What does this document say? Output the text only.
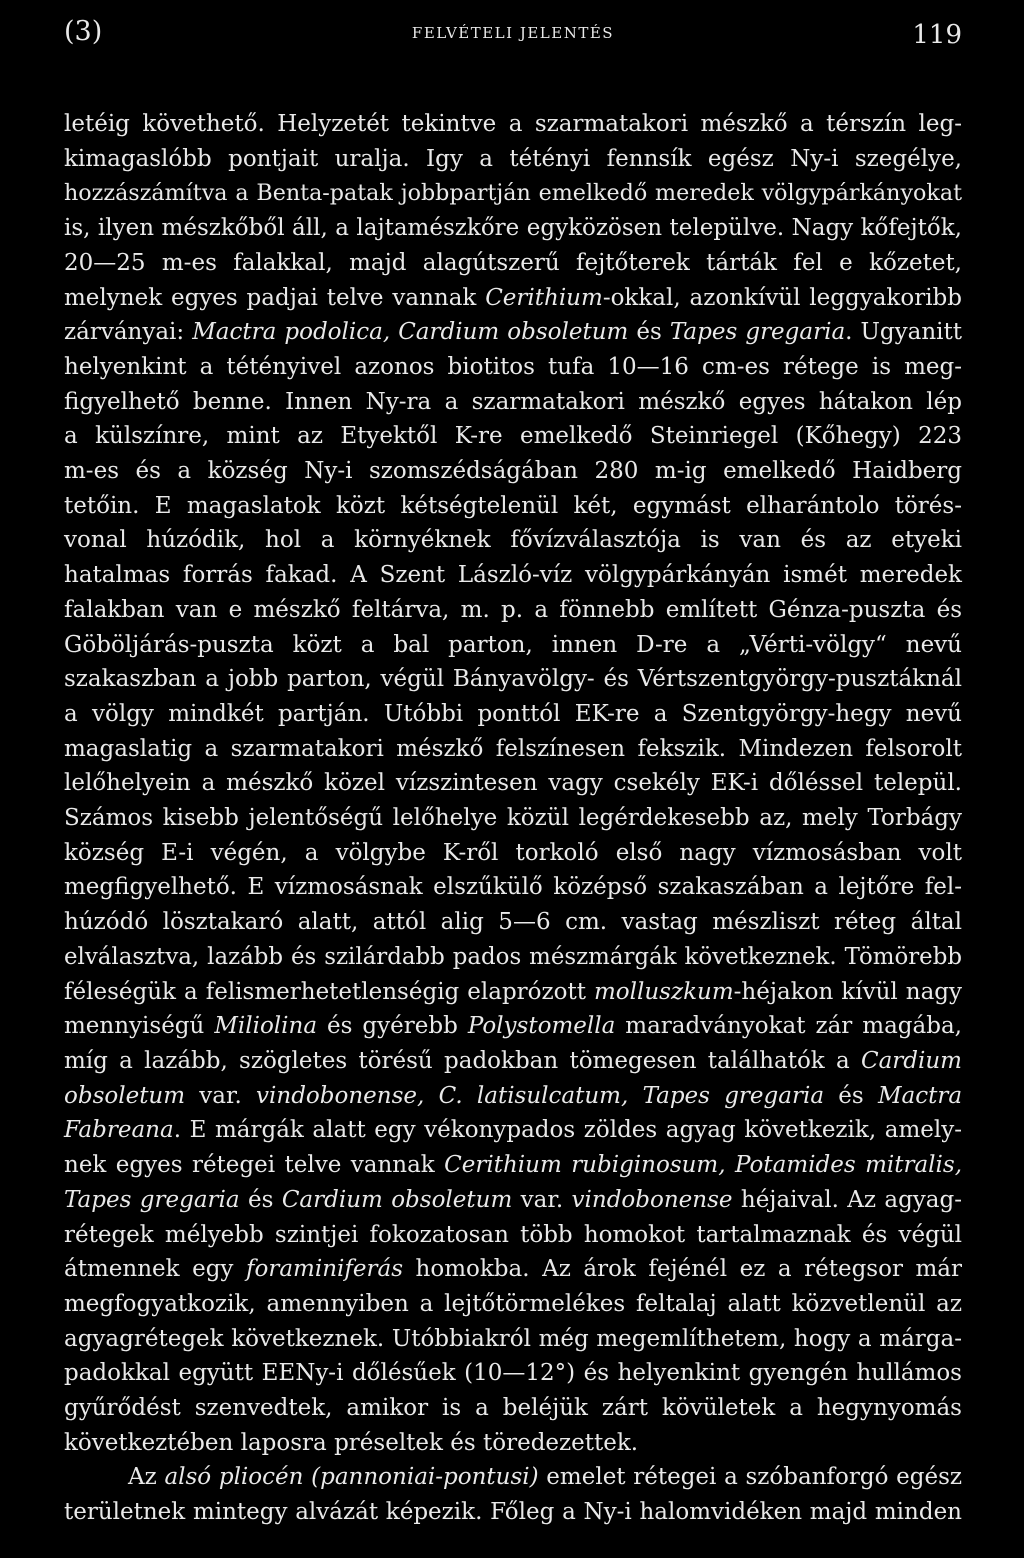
(3)	FELVÉTELI JELENTÉS	119
letéig követhető. Helyzetét tekintve a szarmatakori mészkő a térszín leg-
kimagaslóbb pontjait uralja. Igy a tétényi fennsík egész Ny-i szegélye,
hozzászámítva a Benta-patak jobbpartján emelkedő meredek völgypárkányokat
is, ilyen mészkőből áll, a lajtamészkőre egyközösen települve. Nagy kőfejtők,
20—25 m-es falakkal, majd alagútszerű fejtőterek tárták fel e kőzetet,
melynek egyes padjai telve vannak Cerithium-okkal, azonkívül leggyakoribb
zárványai: Mactra podolica, Cardium obsoletum és Tapes gregaria. Ugyanitt
helyenkint a tétényivel azonos biotitos tufa 10—16 cm-es rétege is meg-
figyelhető benne. Innen Ny-ra a szarmatakori mészkő egyes hátakon lép
a külszínre, mint az Etyektől K-re emelkedő Steinriegel (Kőhegy) 223
m-es és a község Ny-i szomszédságában 280 m-ig emelkedő Haidberg
tetőin. E magaslatok közt kétségtelenül két, egymást elharántolo törés-
vonal húzódik, hol a környéknek fővízválasztója is van és az etyeki
hatalmas forrás fakad. A Szent László-víz völgypárkányán ismét meredek
falakban van e mészkő feltárva, m. p. a fönnebb említett Génza-puszta és
Göböljárás-puszta közt a bal parton, innen D-re a „Vérti-völgy“ nevű
szakaszban a jobb parton, végül Bányavölgy- és Vértszentgyörgy-pusztáknál
a völgy mindkét partján. Utóbbi ponttól EK-re a Szentgyörgy-hegy nevű
magaslatig a szarmatakori mészkő felszínesen fekszik. Mindezen felsorolt
lelőhelyein a mészkő közel vízszintesen vagy csekély EK-i dőléssel települ.
Számos kisebb jelentőségű lelőhelye közül legérdekesebb az, mely Torbágy
község E-i végén, a völgybe K-ről torkoló első nagy vízmosásban volt
megfigyelhető. E vízmosásnak elszűkülő középső szakaszában a lejtőre fel-
húzódó lösztakaró alatt, attól alig 5—6 cm. vastag mészliszt réteg által
elválasztva, lazább és szilárdabb pados mészmárgák következnek. Tömörebb
féleségük a felismerhetetlenségig elaprózott molluszkum-héjakon kívül nagy
mennyiségű Miliolina és gyérebb Polystomella maradványokat zár magába,
míg a lazább, szögletes törésű padokban tömegesen találhatók a Cardium
obsoletum var. vindobonense, C. latisulcatum, Tapes gregaria és Mactra
Fabreana. E márgák alatt egy vékonypados zöldes agyag következik, amely-
nek egyes rétegei telve vannak Cerithium rubiginosum, Potamides mitralis,
Tapes gregaria és Cardium obsoletum var. vindobonense héjaival. Az agyag-
rétegek mélyebb szintjei fokozatosan több homokot tartalmaznak és végül
átmennek egy foraminiferás homokba. Az árok fejénél ez a rétegsor már
megfogyatkozik, amennyiben a lejtőtörmelékes feltalaj alatt közvetlenül az
agyagrétegek következnek. Utóbbiakról még megemlíthetem, hogy a márga-
padokkal együtt EENy-i dőlésűek (10—12°) és helyenkint gyengén hullámos
gyűrődést szenvedtek, amikor is a beléjük zárt kövületek a hegynyomás
következtében laposra préseltek és töredezettek.
Az alsó pliocén (pannoniai-pontusi) emelet rétegei a szóbanforgó egész
területnek mintegy alvázát képezik. Főleg a Ny-i halomvidéken majd minden
